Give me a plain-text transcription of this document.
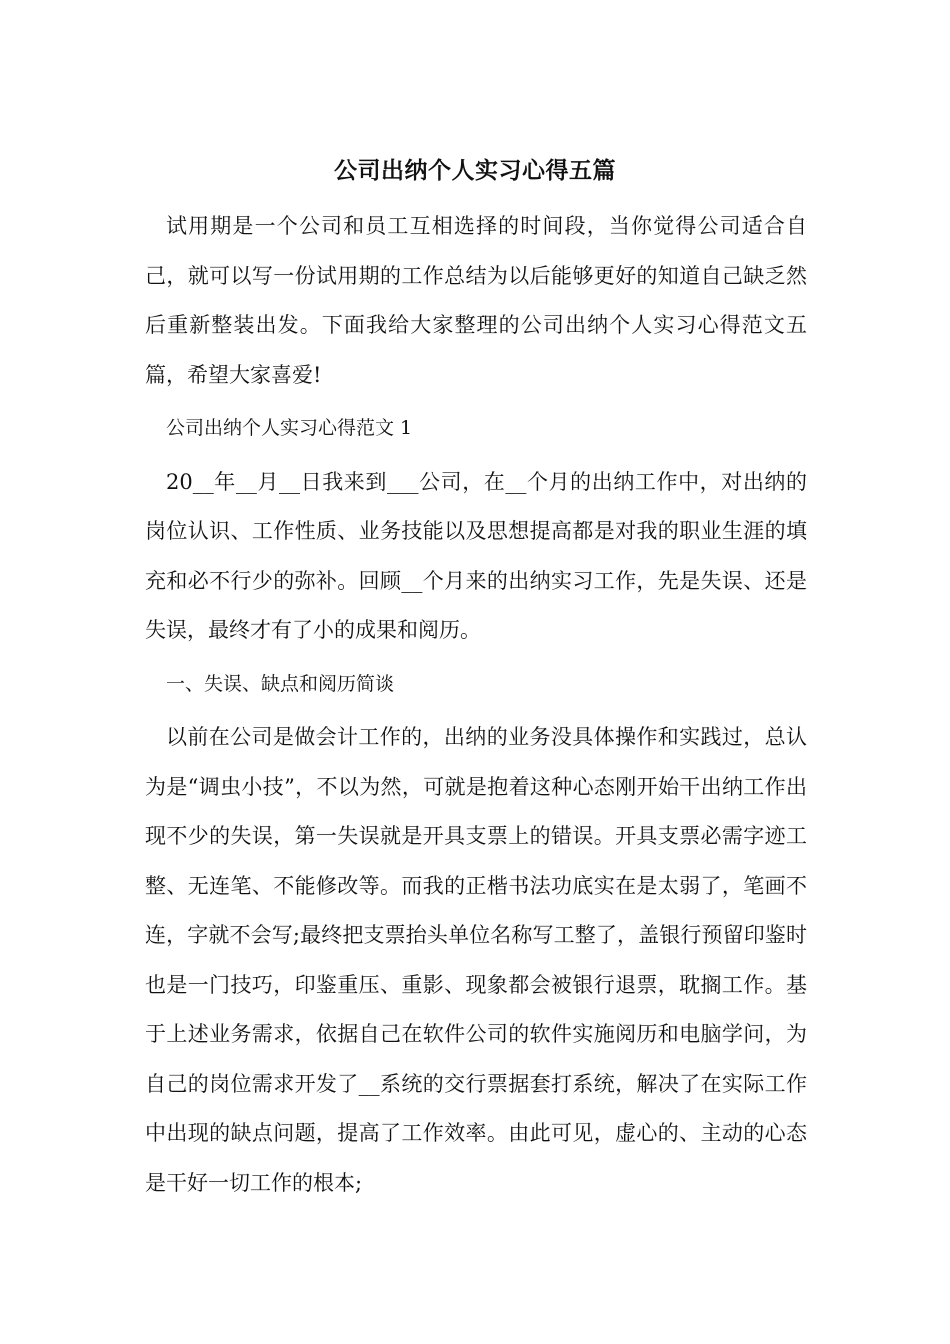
公司出纳个人实习心得五篇

试用期是一个公司和员工互相选择的时间段，当你觉得公司适合自己，就可以写一份试用期的工作总结为以后能够更好的知道自己缺乏然后重新整装出发。下面我给大家整理的公司出纳个人实习心得范文五篇，希望大家喜爱!

公司出纳个人实习心得范文 1

20__年__月__日我来到___公司，在__个月的出纳工作中，对出纳的岗位认识、工作性质、业务技能以及思想提高都是对我的职业生涯的填充和必不行少的弥补。回顾__个月来的出纳实习工作，先是失误、还是失误，最终才有了小的成果和阅历。

一、失误、缺点和阅历简谈

以前在公司是做会计工作的，出纳的业务没具体操作和实践过，总认为是“调虫小技”，不以为然，可就是抱着这种心态刚开始干出纳工作出现不少的失误，第一失误就是开具支票上的错误。开具支票必需字迹工整、无连笔、不能修改等。而我的正楷书法功底实在是太弱了，笔画不连，字就不会写;最终把支票抬头单位名称写工整了，盖银行预留印鉴时也是一门技巧，印鉴重压、重影、现象都会被银行退票，耽搁工作。基于上述业务需求，依据自己在软件公司的软件实施阅历和电脑学问，为自己的岗位需求开发了__系统的交行票据套打系统，解决了在实际工作中出现的缺点问题，提高了工作效率。由此可见，虚心的、主动的心态是干好一切工作的根本;
